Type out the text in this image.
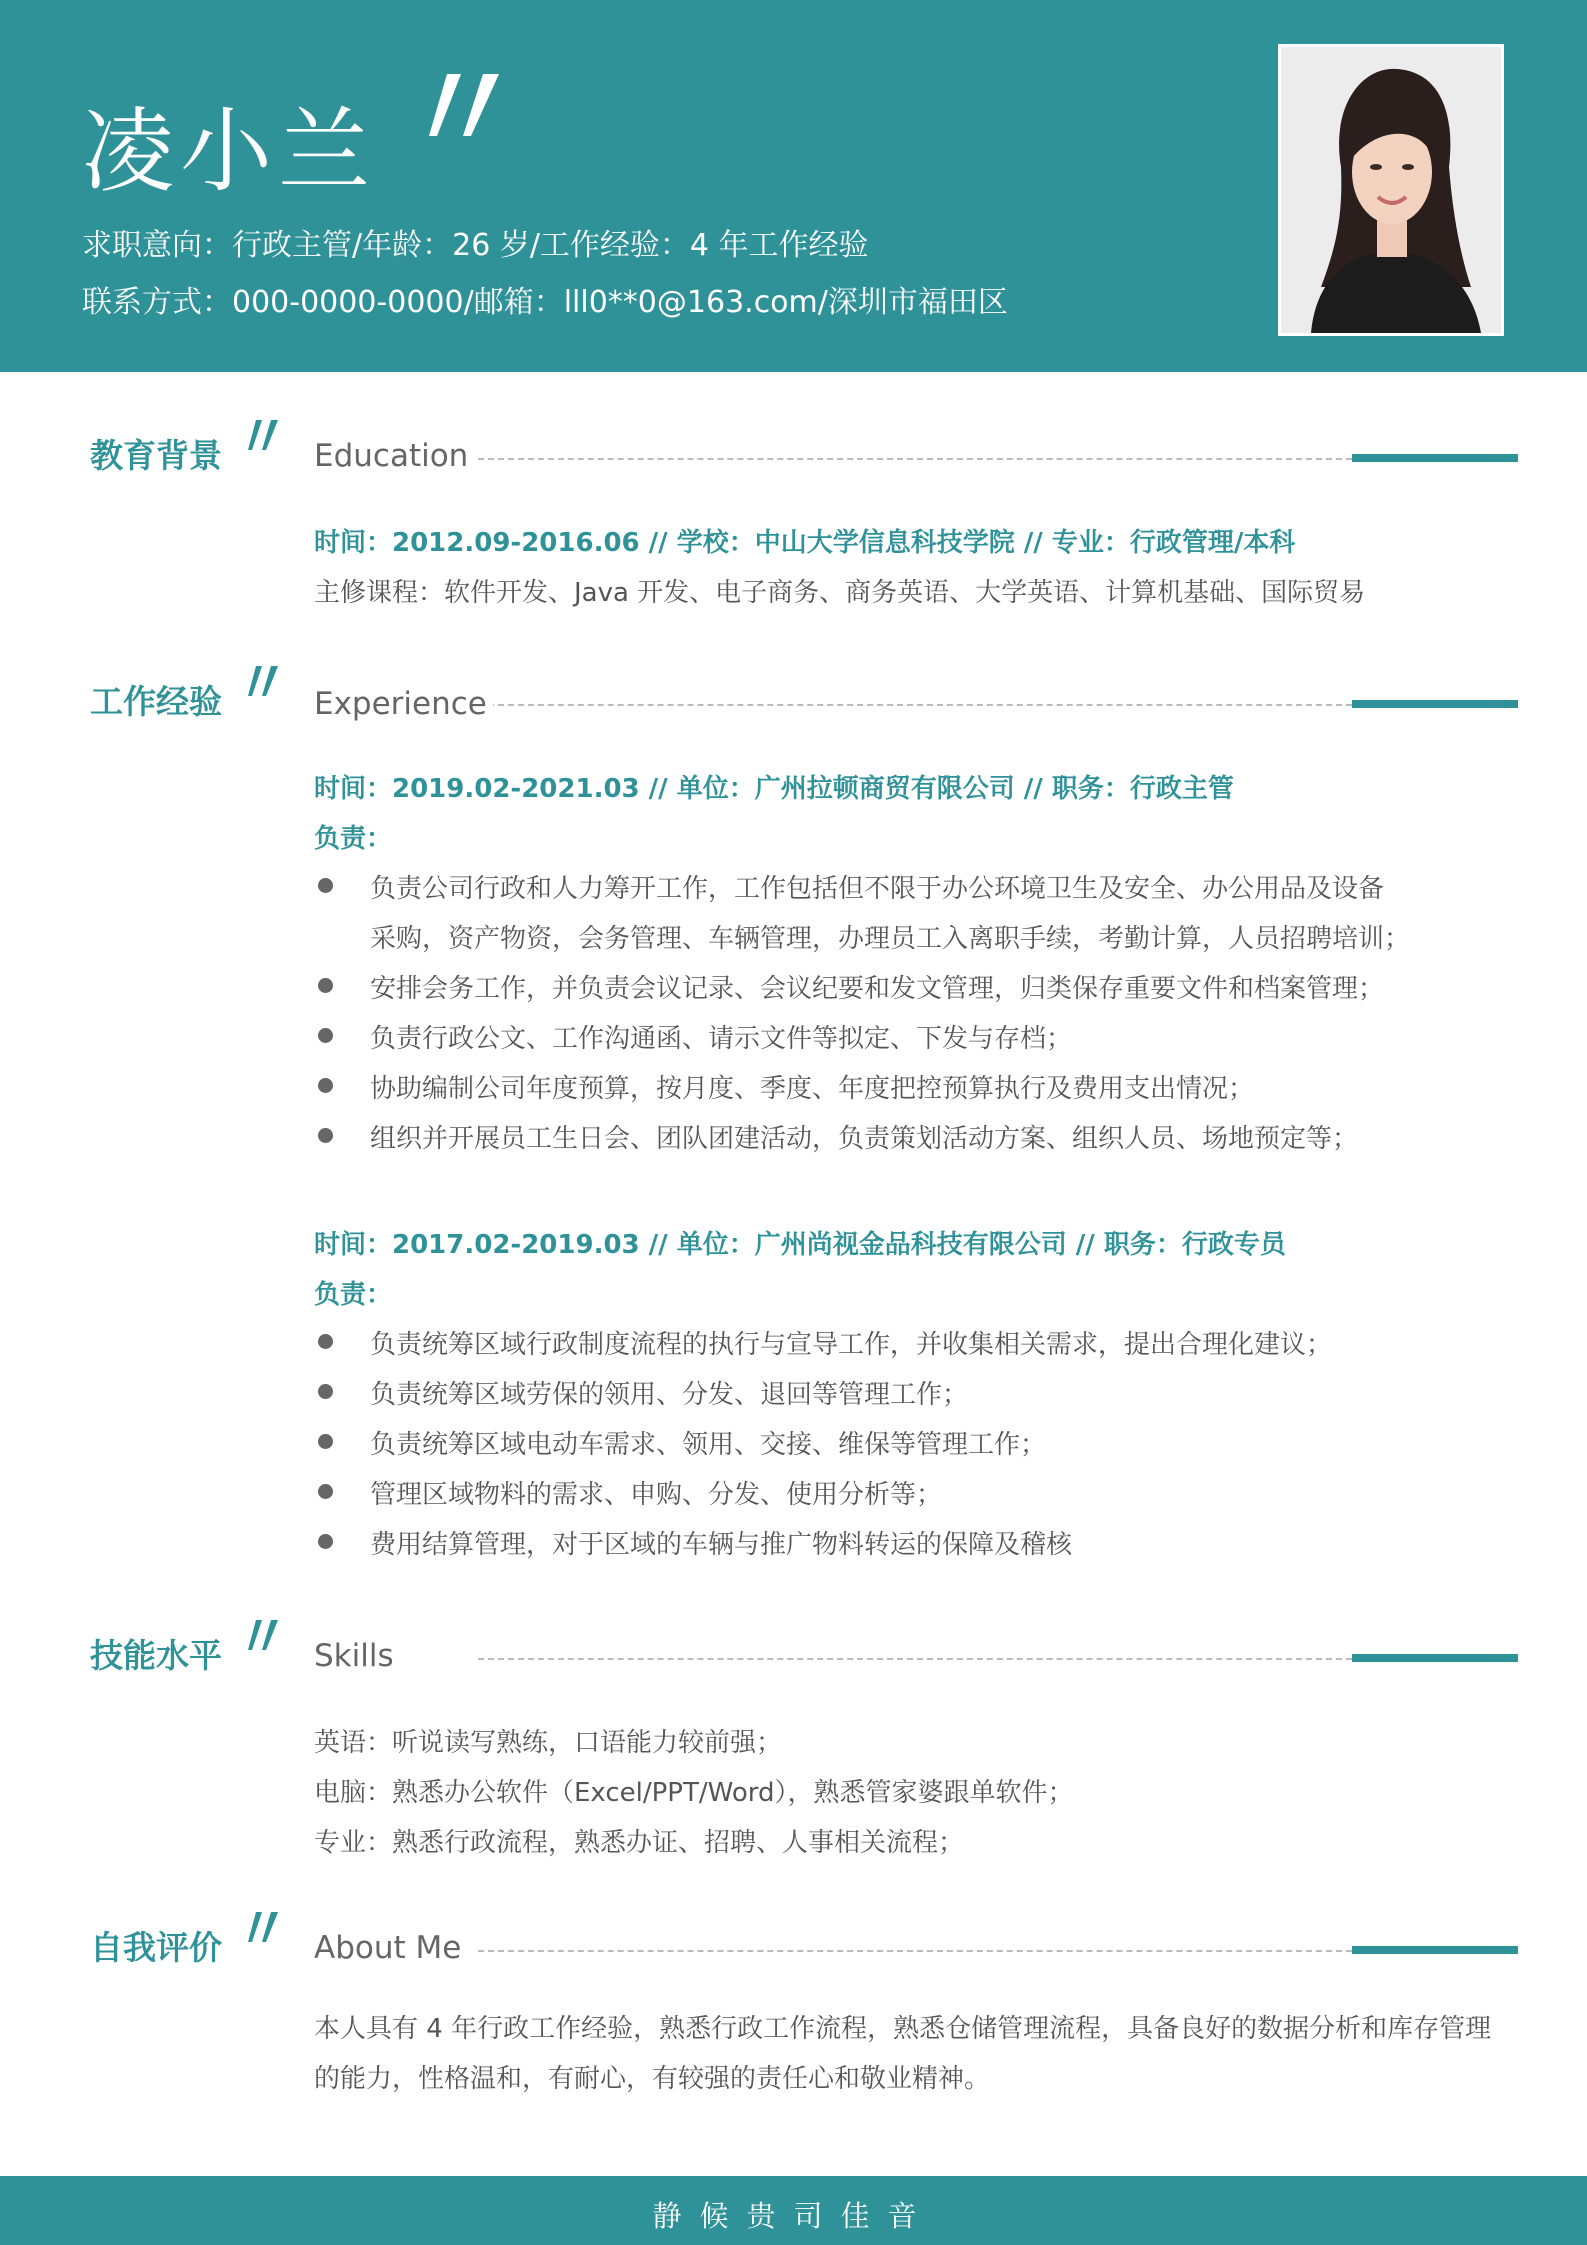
凌小兰
求职意向：行政主管/年龄：26 岁/工作经验：4 年工作经验
联系方式：000-0000-0000/邮箱：lll0**0@163.com/深圳市福田区
教育背景	Education
时间：2012.09-2016.06 // 学校：中山大学信息科技学院 // 专业：行政管理/本科
主修课程：软件开发、Java 开发、电子商务、商务英语、大学英语、计算机基础、国际贸易
工作经验	Experience
时间：2019.02-2021.03 // 单位：广州拉顿商贸有限公司 // 职务：行政主管
负责：
负责公司行政和人力筹开工作，工作包括但不限于办公环境卫生及安全、办公用品及设备
采购，资产物资，会务管理、车辆管理，办理员工入离职手续，考勤计算，人员招聘培训；
安排会务工作，并负责会议记录、会议纪要和发文管理，归类保存重要文件和档案管理；
负责行政公文、工作沟通函、请示文件等拟定、下发与存档；
协助编制公司年度预算，按月度、季度、年度把控预算执行及费用支出情况；
组织并开展员工生日会、团队团建活动，负责策划活动方案、组织人员、场地预定等；
时间：2017.02-2019.03 // 单位：广州尚视金品科技有限公司 // 职务：行政专员
负责：
负责统筹区域行政制度流程的执行与宣导工作，并收集相关需求，提出合理化建议；
负责统筹区域劳保的领用、分发、退回等管理工作；
负责统筹区域电动车需求、领用、交接、维保等管理工作；
管理区域物料的需求、申购、分发、使用分析等；
费用结算管理，对于区域的车辆与推广物料转运的保障及稽核
技能水平	Skills
英语：听说读写熟练，口语能力较前强；
电脑：熟悉办公软件（Excel/PPT/Word），熟悉管家婆跟单软件；
专业：熟悉行政流程，熟悉办证、招聘、人事相关流程；
自我评价	About Me
本人具有 4 年行政工作经验，熟悉行政工作流程，熟悉仓储管理流程，具备良好的数据分析和库存管理的能力，性格温和，有耐心，有较强的责任心和敬业精神。
静候贵司佳音
